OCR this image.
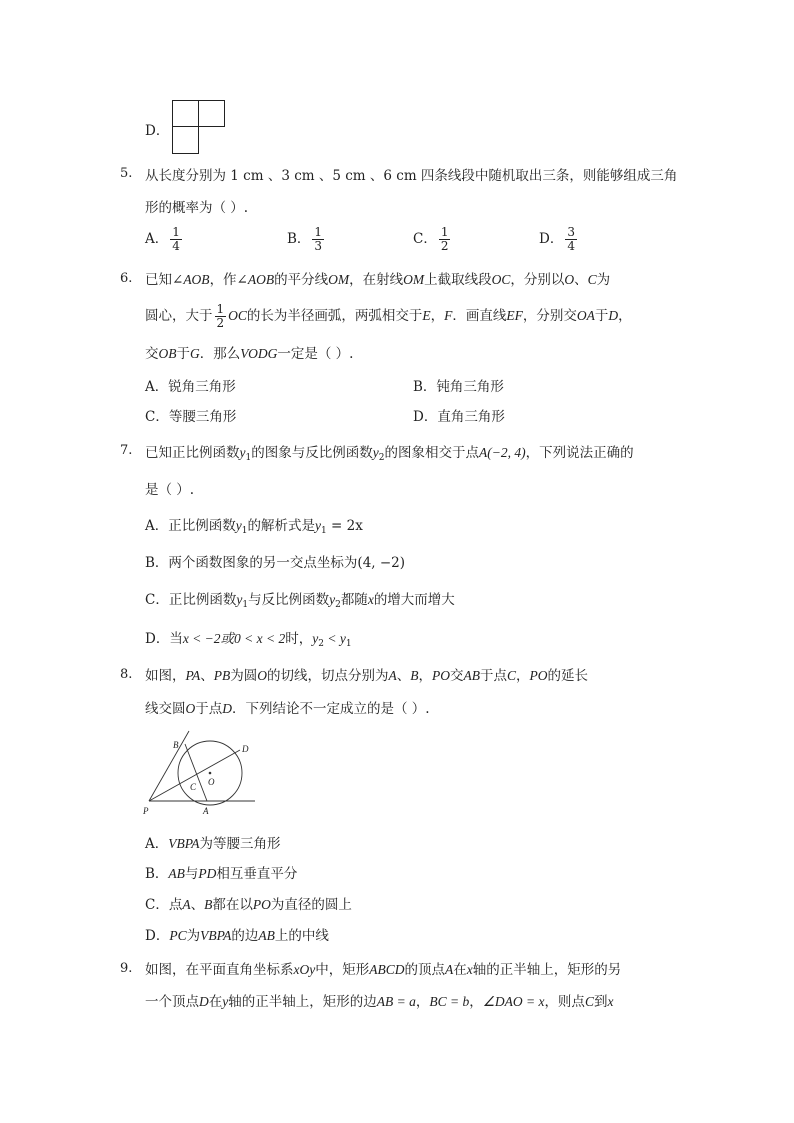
D．
5. 从长度分别为 1 cm 、3 cm 、5 cm 、6 cm 四条线段中随机取出三条，则能够组成三角
形的概率为（ ）.
A． $\frac{1}{4}$	B． $\frac{1}{3}$	C． $\frac{1}{2}$	D． $\frac{3}{4}$
6. 已知∠AOB，作∠AOB的平分线OM，在射线OM上截取线段OC，分别以O、C为
圆心，大于 $\frac{1}{2}$ OC的长为半径画弧，两弧相交于E，F．画直线EF，分别交OA于D，
交OB于G．那么VODG一定是（ ）.
A．锐角三角形	B．钝角三角形
C．等腰三角形	D．直角三角形
7. 已知正比例函数$y_1$的图象与反比例函数$y_2$的图象相交于点A(−2, 4)，下列说法正确的
是（ ）.
A．正比例函数$y_1$的解析式是$y_1 = 2x$
B．两个函数图象的另一交点坐标为(4, −2)
C．正比例函数$y_1$与反比例函数$y_2$都随x的增大而增大
D．当x < −2或0 < x < 2时，$y_2 < y_1$
8. 如图，PA、PB为圆O的切线，切点分别为A、B，PO交AB于点C，PO的延长
线交圆O于点D．下列结论不一定成立的是（ ）.
B	D
O
C
P	A
A．VBPA为等腰三角形
B．AB与PD相互垂直平分
C．点A、B都在以PO为直径的圆上
D．PC为VBPA的边AB上的中线
9. 如图，在平面直角坐标系xOy中，矩形ABCD的顶点A在x轴的正半轴上，矩形的另
一个顶点D在y轴的正半轴上，矩形的边AB = a，BC = b，∠DAO = x，则点C到x
